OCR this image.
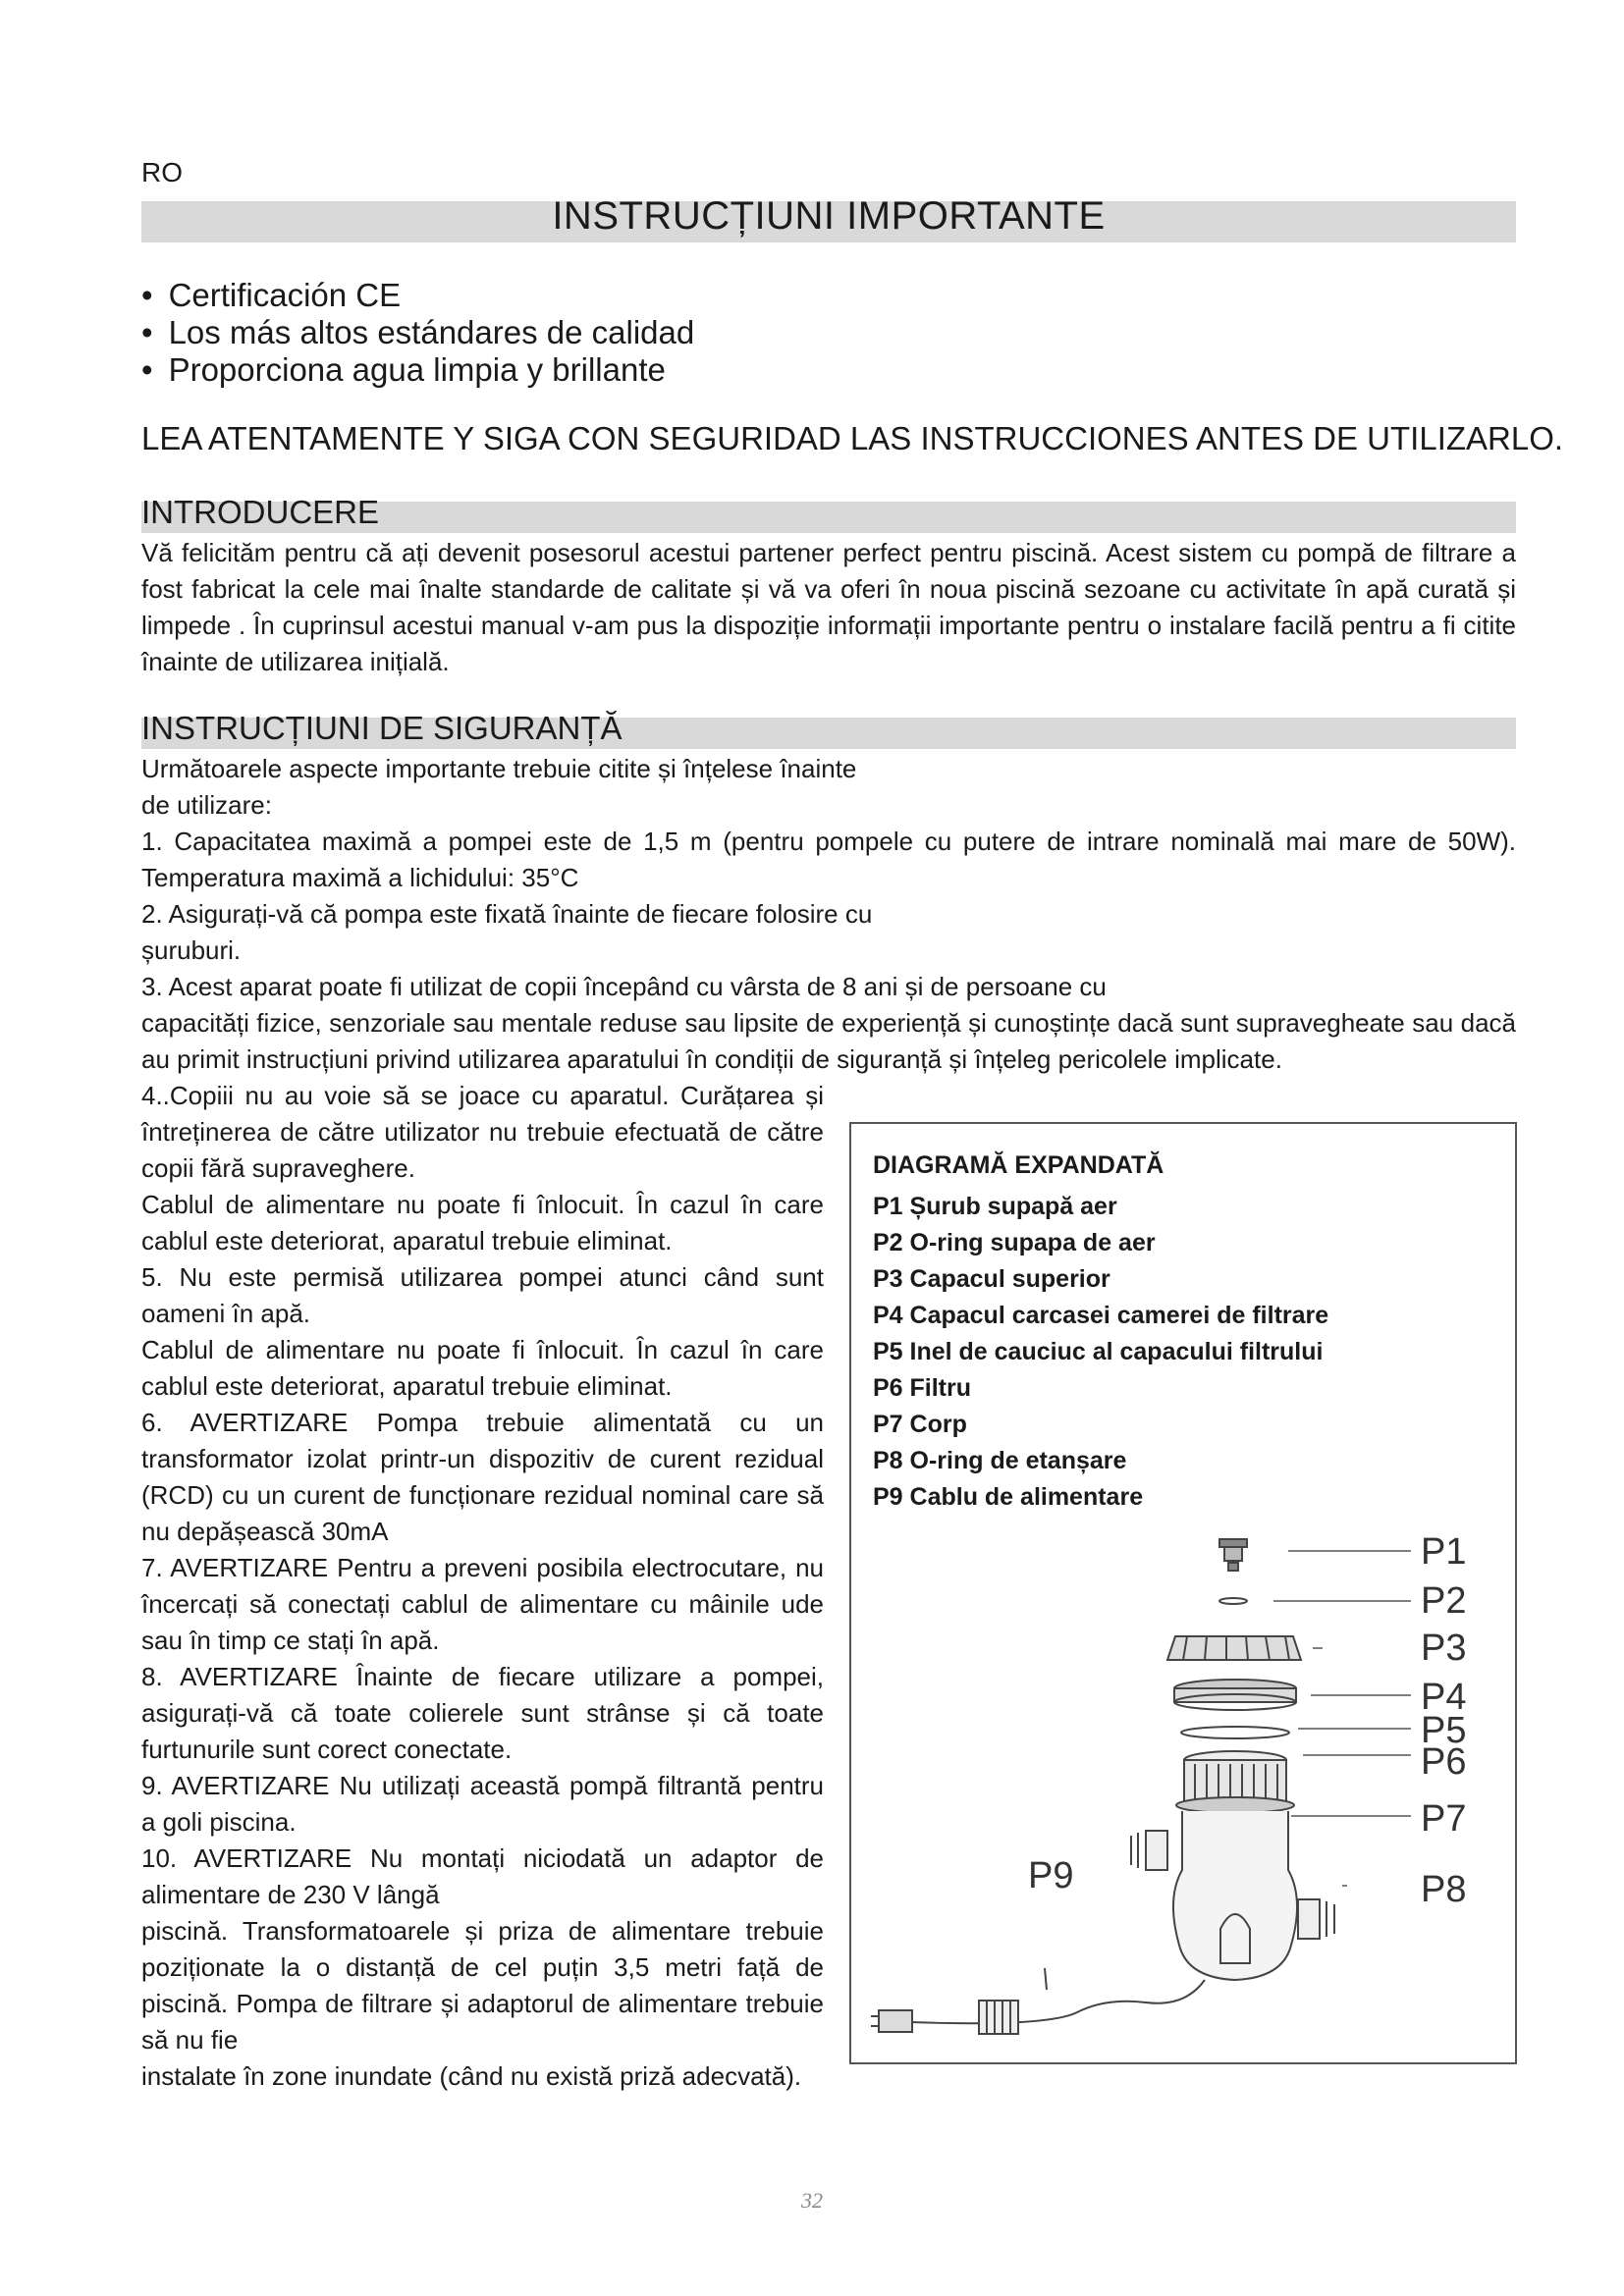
RO
INSTRUCȚIUNI IMPORTANTE
• Certificación CE
• Los más altos estándares de calidad
• Proporciona agua limpia y brillante
LEA ATENTAMENTE Y SIGA CON SEGURIDAD LAS INSTRUCCIONES ANTES DE UTILIZARLO.
INTRODUCERE

Vă felicităm pentru că ați devenit posesorul acestui partener perfect pentru piscină. Acest sistem cu pompă de filtrare a fost fabricat la cele mai înalte standarde de calitate și vă va oferi în noua piscină sezoane cu activitate în apă curată și limpede . În cuprinsul acestui manual v-am pus la dispoziție informații importante pentru o instalare facilă pentru a fi citite înainte de utilizarea inițială.

INSTRUCȚIUNI DE SIGURANȚĂ
Următoarele aspecte importante trebuie citite și înțelese înainte
de utilizare:

1. Capacitatea maximă a pompei este de 1,5 m (pentru pompele cu putere de intrare nominală mai mare de 50W). Temperatura maximă a lichidului: 35°C

2. Asigurați-vă că pompa este fixată înainte de fiecare folosire cu
șuruburi.
3. Acest aparat poate fi utilizat de copii începând cu vârsta de 8 ani și de persoane cu

capacități fizice, senzoriale sau mentale reduse sau lipsite de experiență și cunoștințe dacă sunt supravegheate sau dacă au primit instrucțiuni privind utilizarea aparatului în condiții de siguranță și înțeleg pericolele implicate.

4..Copiii nu au voie să se joace cu aparatul. Curățarea și întreținerea de către utilizator nu trebuie efectuată de către copii fără supraveghere.

Cablul de alimentare nu poate fi înlocuit. În cazul în care cablul este deteriorat, aparatul trebuie eliminat.

5. Nu este permisă utilizarea pompei atunci când sunt oameni în apă.

Cablul de alimentare nu poate fi înlocuit. În cazul în care cablul este deteriorat, aparatul trebuie eliminat.

6. AVERTIZARE Pompa trebuie alimentată cu un transformator izolat printr-un dispozitiv de curent rezidual (RCD) cu un curent de funcționare rezidual nominal care să nu depășească 30mA

7. AVERTIZARE Pentru a preveni posibila electrocutare, nu încercați să conectați cablul de alimentare cu mâinile ude sau în timp ce stați în apă.

8. AVERTIZARE Înainte de fiecare utilizare a pompei, asigurați-vă că toate colierele sunt strânse și că toate furtunurile sunt corect conectate.

9. AVERTIZARE Nu utilizați această pompă filtrantă pentru a goli piscina.

10. AVERTIZARE Nu montați niciodată un adaptor de alimentare de 230 V lângă

piscină. Transformatoarele și priza de alimentare trebuie poziționate la o distanță de cel puțin 3,5 metri față de piscină. Pompa de filtrare și adaptorul de alimentare trebuie să nu fie

instalate în zone inundate (când nu există priză adecvată).

DIAGRAMĂ EXPANDATĂ
P1 Șurub supapă aer
P2 O-ring supapa de aer
P3 Capacul superior
P4 Capacul carcasei camerei de filtrare
P5 Inel de cauciuc al capacului filtrului
P6 Filtru
P7 Corp
P8 O-ring de etanșare
P9 Cablu de alimentare
P1
P2
P3
P4
P5
P6
P7
P8
P9
32
